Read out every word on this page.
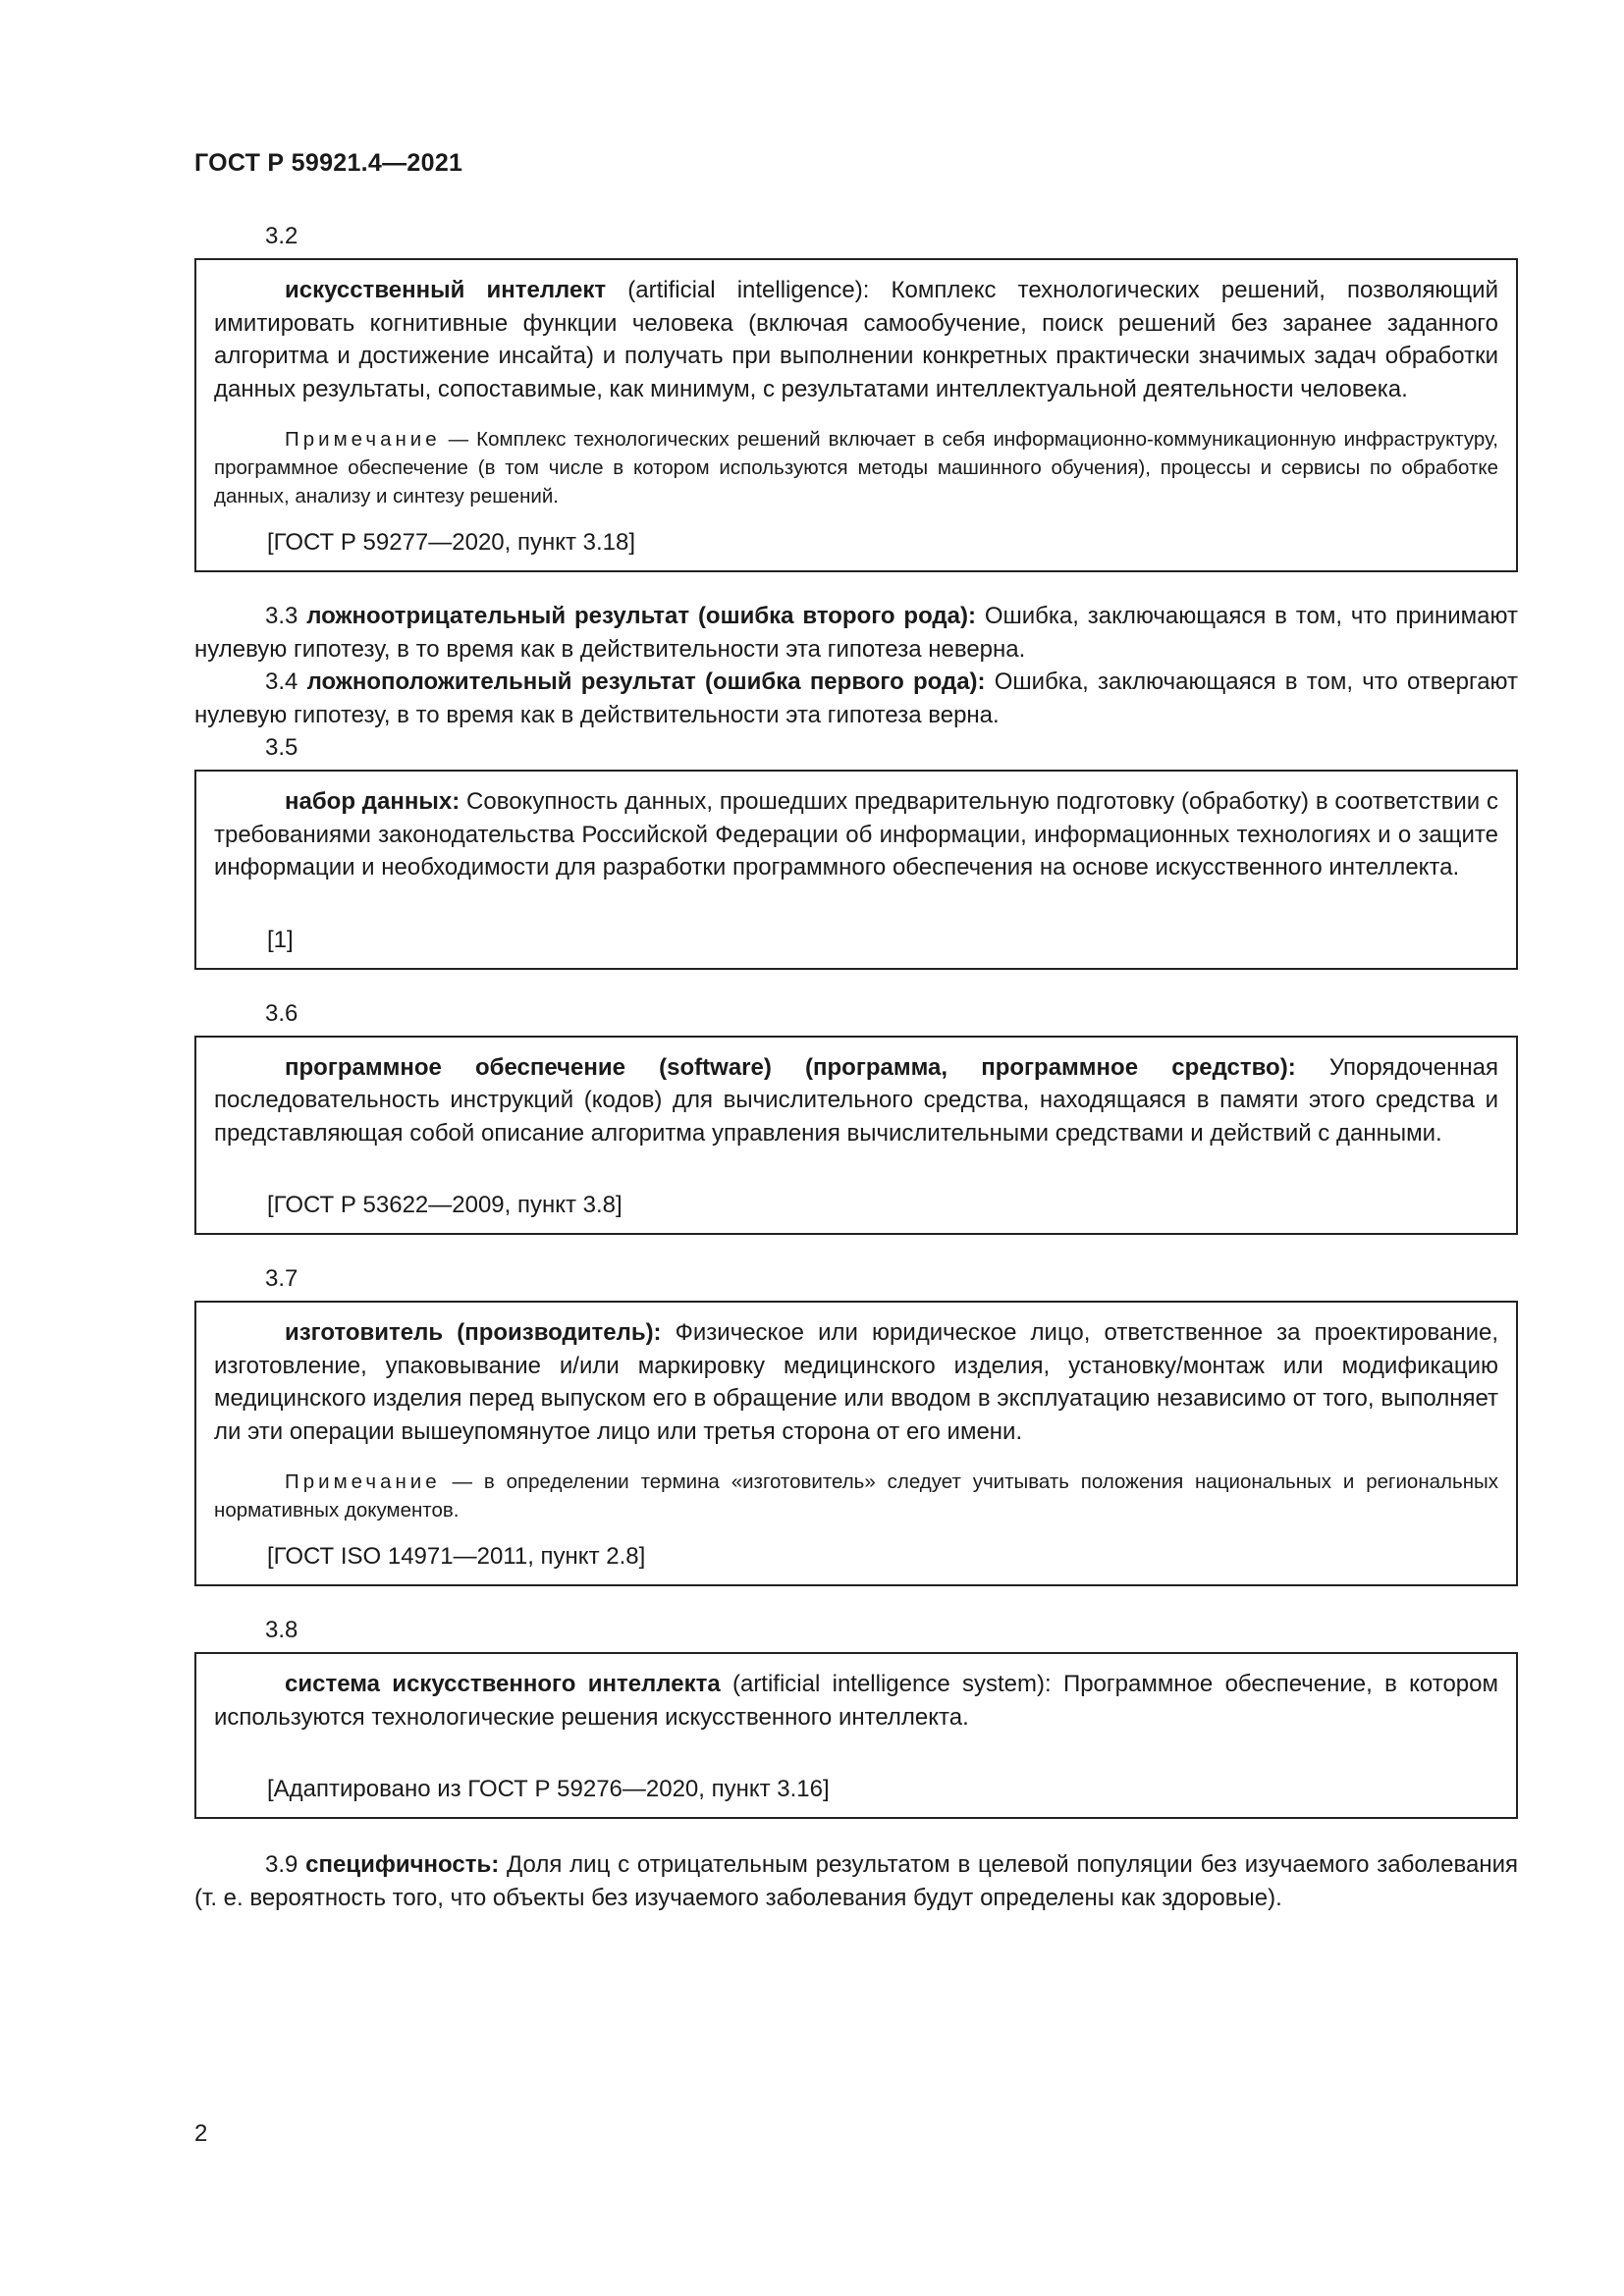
ГОСТ Р 59921.4—2021
3.2

искусственный интеллект (artificial intelligence): Комплекс технологических решений, позволяющий имитировать когнитивные функции человека (включая самообучение, поиск решений без заранее заданного алгоритма и достижение инсайта) и получать при выполнении конкретных практически значимых задач обработки данных результаты, сопоставимые, как минимум, с результатами интеллектуальной деятельности человека.

Примечание — Комплекс технологических решений включает в себя информационно-коммуникационную инфраструктуру, программное обеспечение (в том числе в котором используются методы машинного обучения), процессы и сервисы по обработке данных, анализу и синтезу решений.

[ГОСТ Р 59277—2020, пункт 3.18]

3.3 ложноотрицательный результат (ошибка второго рода): Ошибка, заключающаяся в том, что принимают нулевую гипотезу, в то время как в действительности эта гипотеза неверна.

3.4 ложноположительный результат (ошибка первого рода): Ошибка, заключающаяся в том, что отвергают нулевую гипотезу, в то время как в действительности эта гипотеза верна.

3.5

набор данных: Совокупность данных, прошедших предварительную подготовку (обработку) в соответствии с требованиями законодательства Российской Федерации об информации, информационных технологиях и о защите информации и необходимости для разработки программного обеспечения на основе искусственного интеллекта.

[1]
3.6

программное обеспечение (software) (программа, программное средство): Упорядоченная последовательность инструкций (кодов) для вычислительного средства, находящаяся в памяти этого средства и представляющая собой описание алгоритма управления вычислительными средствами и действий с данными.

[ГОСТ Р 53622—2009, пункт 3.8]
3.7

изготовитель (производитель): Физическое или юридическое лицо, ответственное за проектирование, изготовление, упаковывание и/или маркировку медицинского изделия, установку/монтаж или модификацию медицинского изделия перед выпуском его в обращение или вводом в эксплуатацию независимо от того, выполняет ли эти операции вышеупомянутое лицо или третья сторона от его имени.

Примечание — в определении термина «изготовитель» следует учитывать положения национальных и региональных нормативных документов.

[ГОСТ ISO 14971—2011, пункт 2.8]
3.8

система искусственного интеллекта (artificial intelligence system): Программное обеспечение, в котором используются технологические решения искусственного интеллекта.

[Адаптировано из ГОСТ Р 59276—2020, пункт 3.16]

3.9 специфичность: Доля лиц с отрицательным результатом в целевой популяции без изучаемого заболевания (т. е. вероятность того, что объекты без изучаемого заболевания будут определены как здоровые).

2
